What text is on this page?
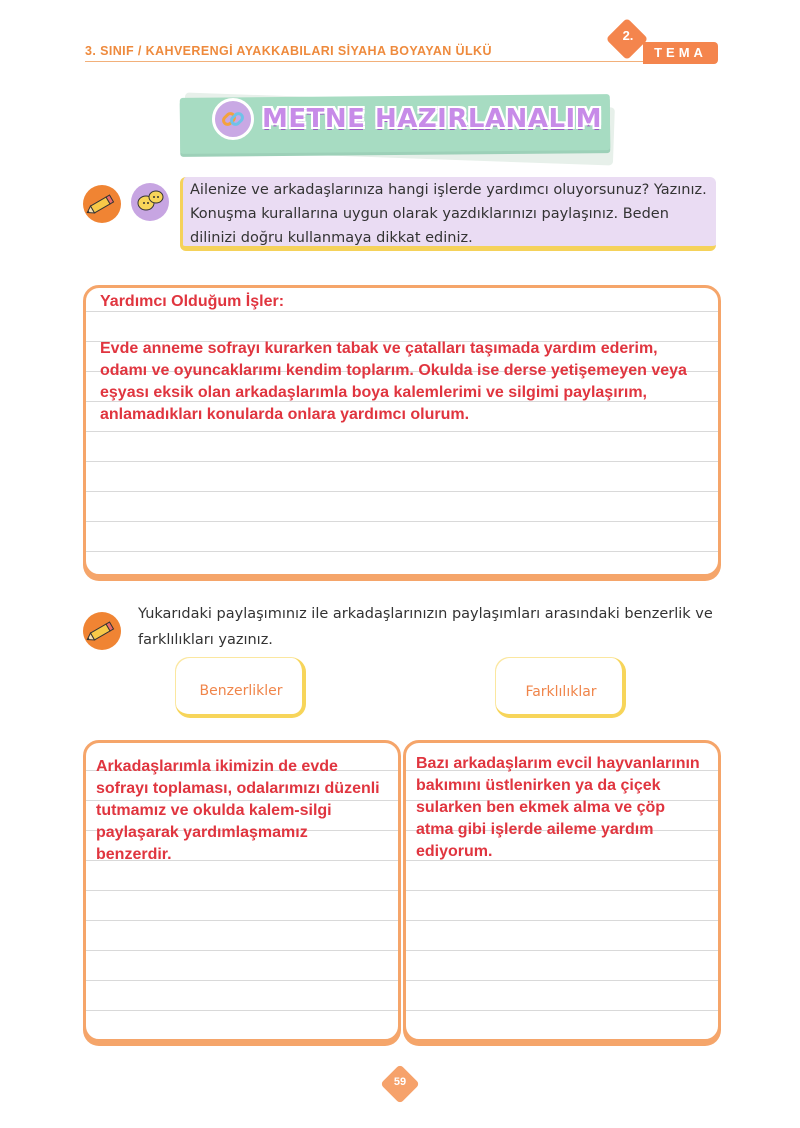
3. SINIF / KAHVERENGİ AYAKKABILARI SİYAHA BOYAYAN ÜLKÜ
2.
TEMA
METNE HAZIRLANALIM
Ailenize ve arkadaşlarınıza hangi işlerde yardımcı oluyorsunuz? Yazınız. Konuşma kurallarına uygun olarak yazdıklarınızı paylaşınız. Beden dilinizi doğru kullanmaya dikkat ediniz.
Yardımcı Olduğum İşler:
Evde anneme sofrayı kurarken tabak ve çatalları taşımada yardım ederim, odamı ve oyuncaklarımı kendim toplarım. Okulda ise derse yetişemeyen veya eşyası eksik olan arkadaşlarımla boya kalemlerimi ve silgimi paylaşırım, anlamadıkları konularda onlara yardımcı olurum.
Yukarıdaki paylaşımınız ile arkadaşlarınızın paylaşımları arasındaki benzerlik ve farklılıkları yazınız.
Benzerlikler	Farklılıklar
Arkadaşlarımla ikimizin de evde sofrayı toplaması, odalarımızı düzenli tutmamız ve okulda kalem-silgi paylaşarak yardımlaşmamız benzerdir.
Bazı arkadaşlarım evcil hayvanlarının bakımını üstlenirken ya da çiçek sularken ben ekmek alma ve çöp atma gibi işlerde aileme yardım ediyorum.
59
